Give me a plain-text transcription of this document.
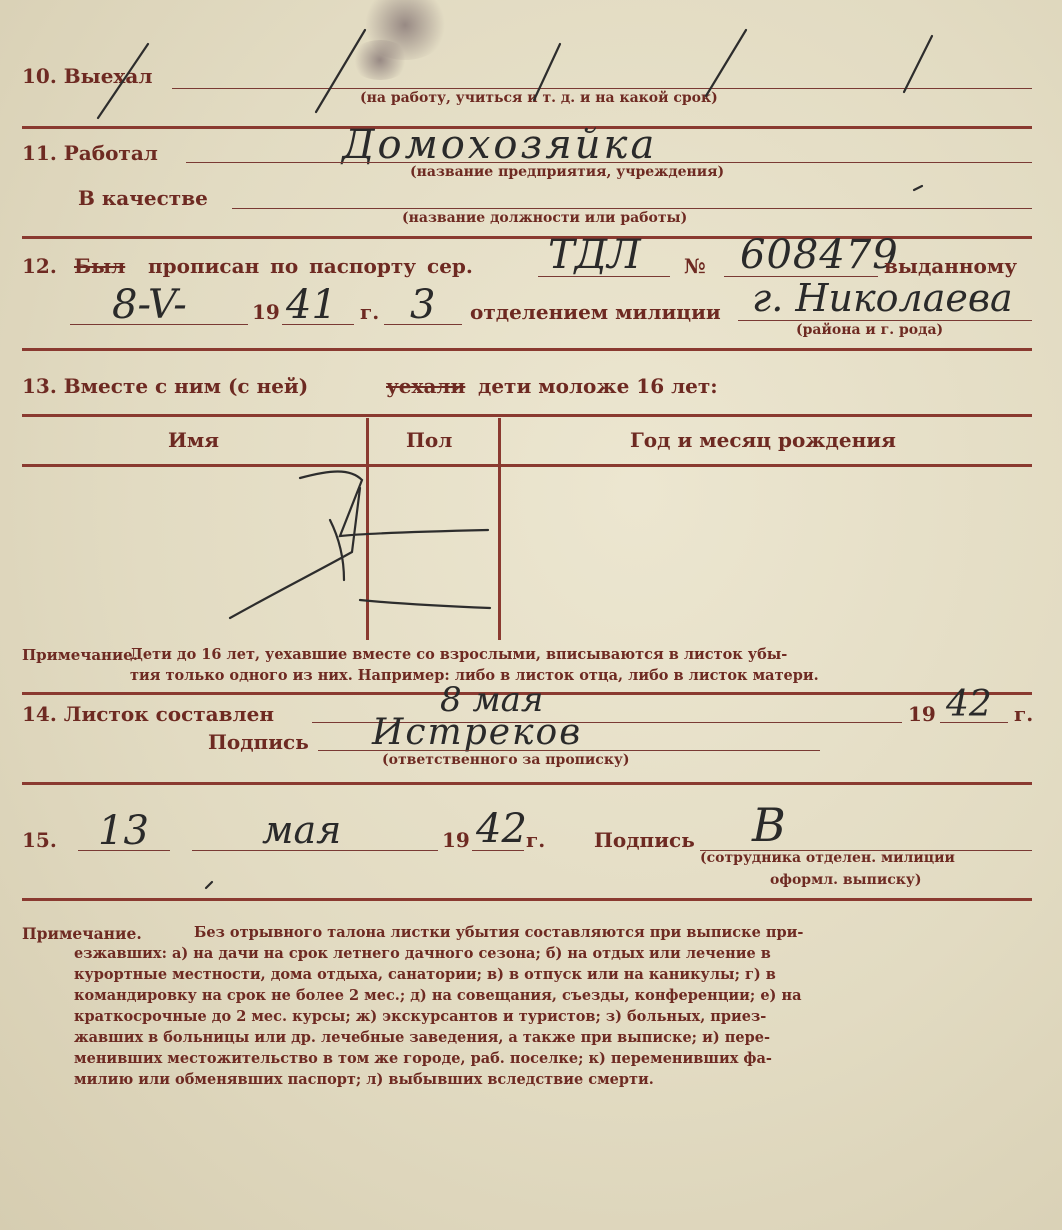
10. Выехал
(на работу, учиться и т. д. и на какой срок)
11. Работал	Домохозяйка
(название предприятия, учреждения)
В качестве
(название должности или работы)
12. Был прописан по паспорту сер. ТДЛ № 608479
выданному
8-V-	19 41 г. 3 отделением милиции г. Николаева
(района и г. рода)
13. Вместе с ним (с ней)	уехали дети моложе 16 лет:
Имя	Пол	Год и месяц рождения
Примечание.
Дети до 16 лет, уехавшие вместе со взрослыми, вписываются в листок убы-
тия только одного из них. Например: либо в листок отца, либо в листок матери.
14. Листок составлен	8 мая	19 42 г.
Подпись Истреков
(ответственного за прописку)
15. 13	мая	19 42 г. Подпись В
(сотрудника отделен. милиции
оформл. выписку)
Примечание.	Без отрывного талона листки убытия составляются при выписке при-
езжавших: а) на дачи на срок летнего дачного сезона; б) на отдых или лечение в
курортные местности, дома отдыха, санатории; в) в отпуск или на каникулы; г) в
командировку на срок не более 2 мес.; д) на совещания, съезды, конференции; е) на
краткосрочные до 2 мес. курсы; ж) экскурсантов и туристов; з) больных, приез-
жавших в больницы или др. лечебные заведения, а также при выписке; и) пере-
менивших местожительство в том же городе, раб. поселке; к) переменивших фа-
милию или обменявших паспорт; л) выбывших вследствие смерти.
